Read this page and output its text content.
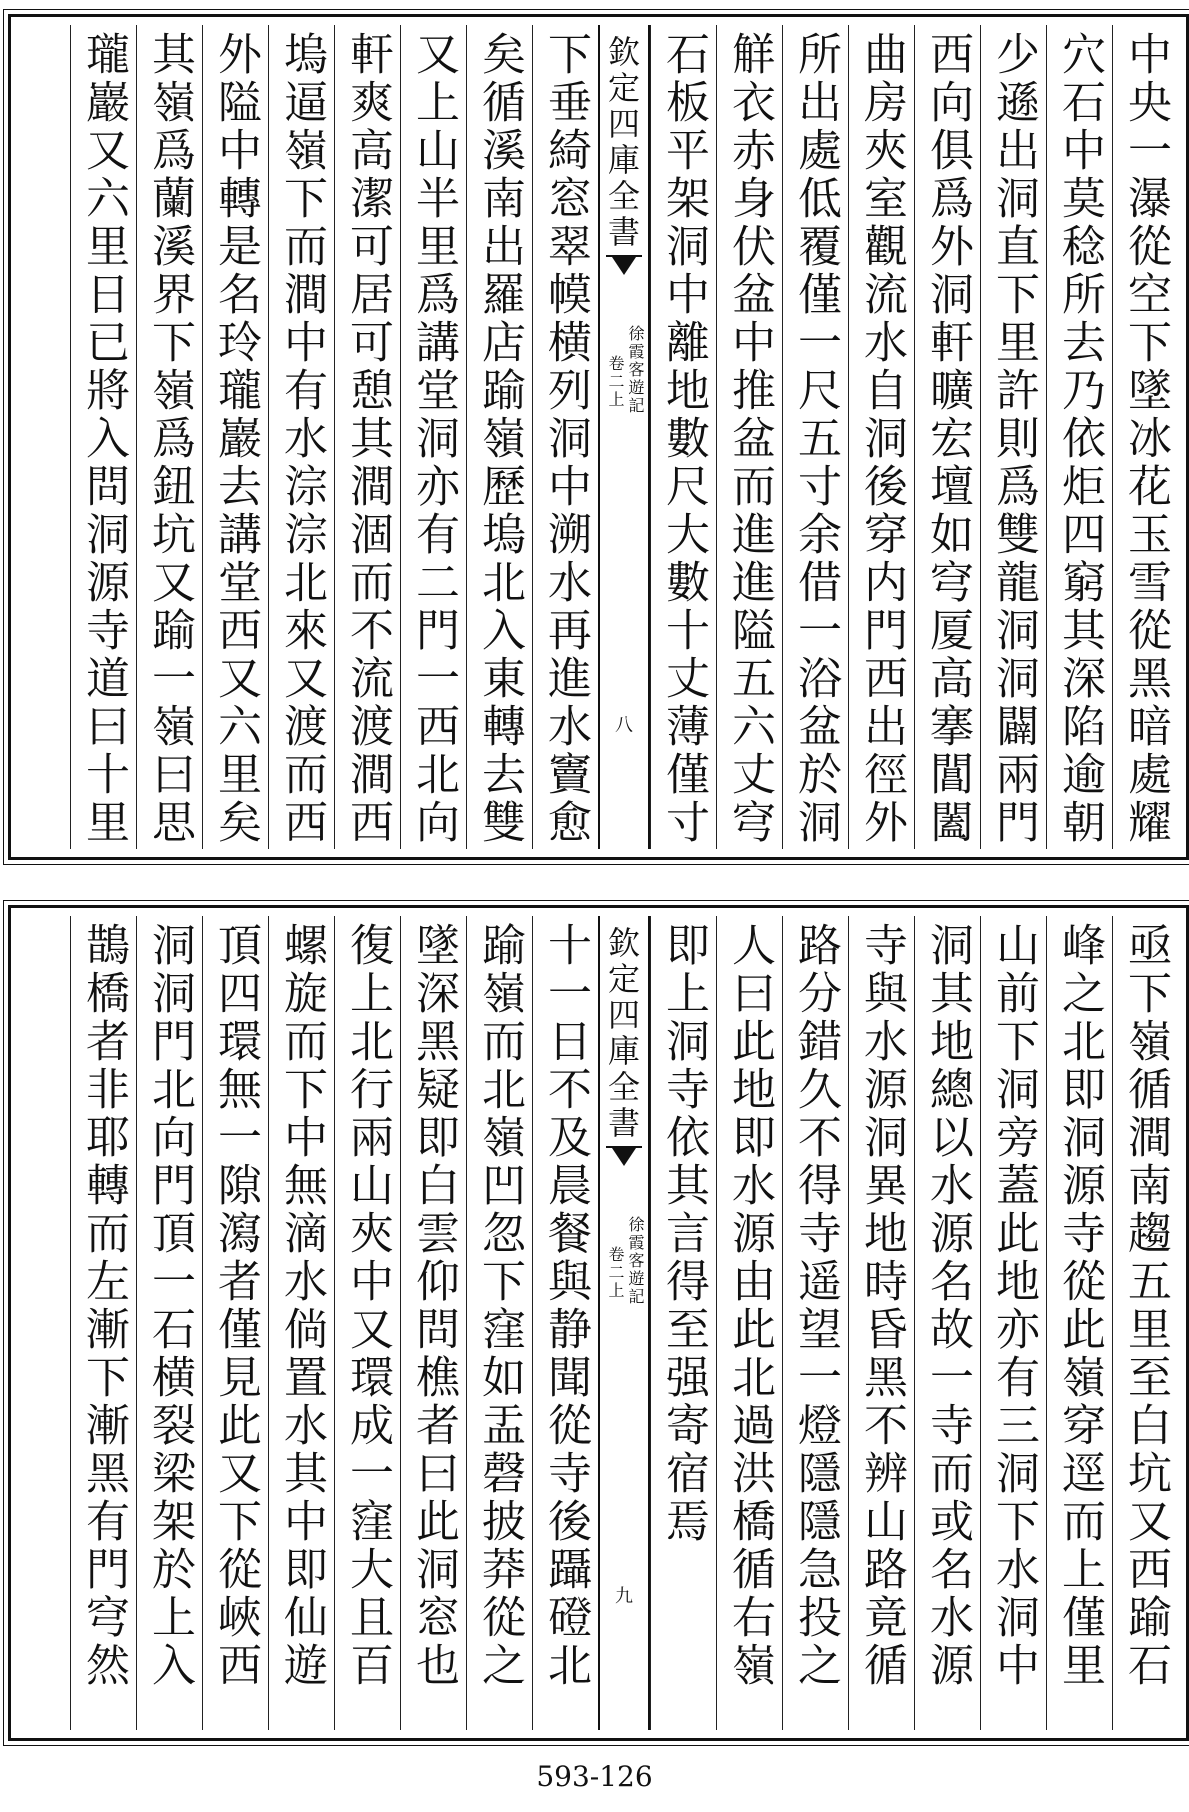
中央一瀑從空下墜冰花玉雪從黑暗處耀
穴石中莫稔所去乃依炬四窮其深陷逾朝
少遜出洞直下里許則爲雙龍洞洞闢兩門
西向俱爲外洞軒曠宏壇如穹厦高搴閶闔
曲房夾室觀流水自洞後穿内門西出徑外
所出處低覆僅一尺五寸余借一浴盆於洞
觧衣赤身伏盆中推盆而進進隘五六丈穹
石板平架洞中離地數尺大數十丈薄僅寸
欽定四庫全書
徐霞客遊記
卷二上
八
下垂綺窓翠幙横列洞中溯水再進水竇愈
矣循溪南出羅店踰嶺歷塢北入東轉去雙
又上山半里爲講堂洞亦有二門一西北向
軒爽高潔可居可憩其澗涸而不流渡澗西
塢逼嶺下而澗中有水淙淙北來又渡而西
外隘中轉是名玲瓏巖去講堂西又六里矣
其嶺爲蘭溪界下嶺爲鈕坑又踰一嶺曰思
瓏巖又六里日已將入問洞源寺道曰十里
亟下嶺循澗南趨五里至白坑又西踰石
峰之北即洞源寺從此嶺穿逕而上僅里
山前下洞旁蓋此地亦有三洞下水洞中
洞其地總以水源名故一寺而或名水源
寺與水源洞異地時昏黑不辨山路竟循
路分錯久不得寺遥望一燈隱隱急投之
人曰此地即水源由此北過洪橋循右嶺
即上洞寺依其言得至强寄宿焉
欽定四庫全書
徐霞客遊記
卷二上
九
十一日不及晨餐與静聞從寺後躡磴北
踰嶺而北嶺凹忽下窪如盂磬披莽從之
墜深黑疑即白雲仰問樵者曰此洞窓也
復上北行兩山夾中又環成一窪大且百
螺旋而下中無滴水倘置水其中即仙遊
頂四環無一隙瀉者僅見此又下從峽西
洞洞門北向門頂一石横裂梁架於上入
鵲橋者非耶轉而左漸下漸黑有門穹然
593-126
